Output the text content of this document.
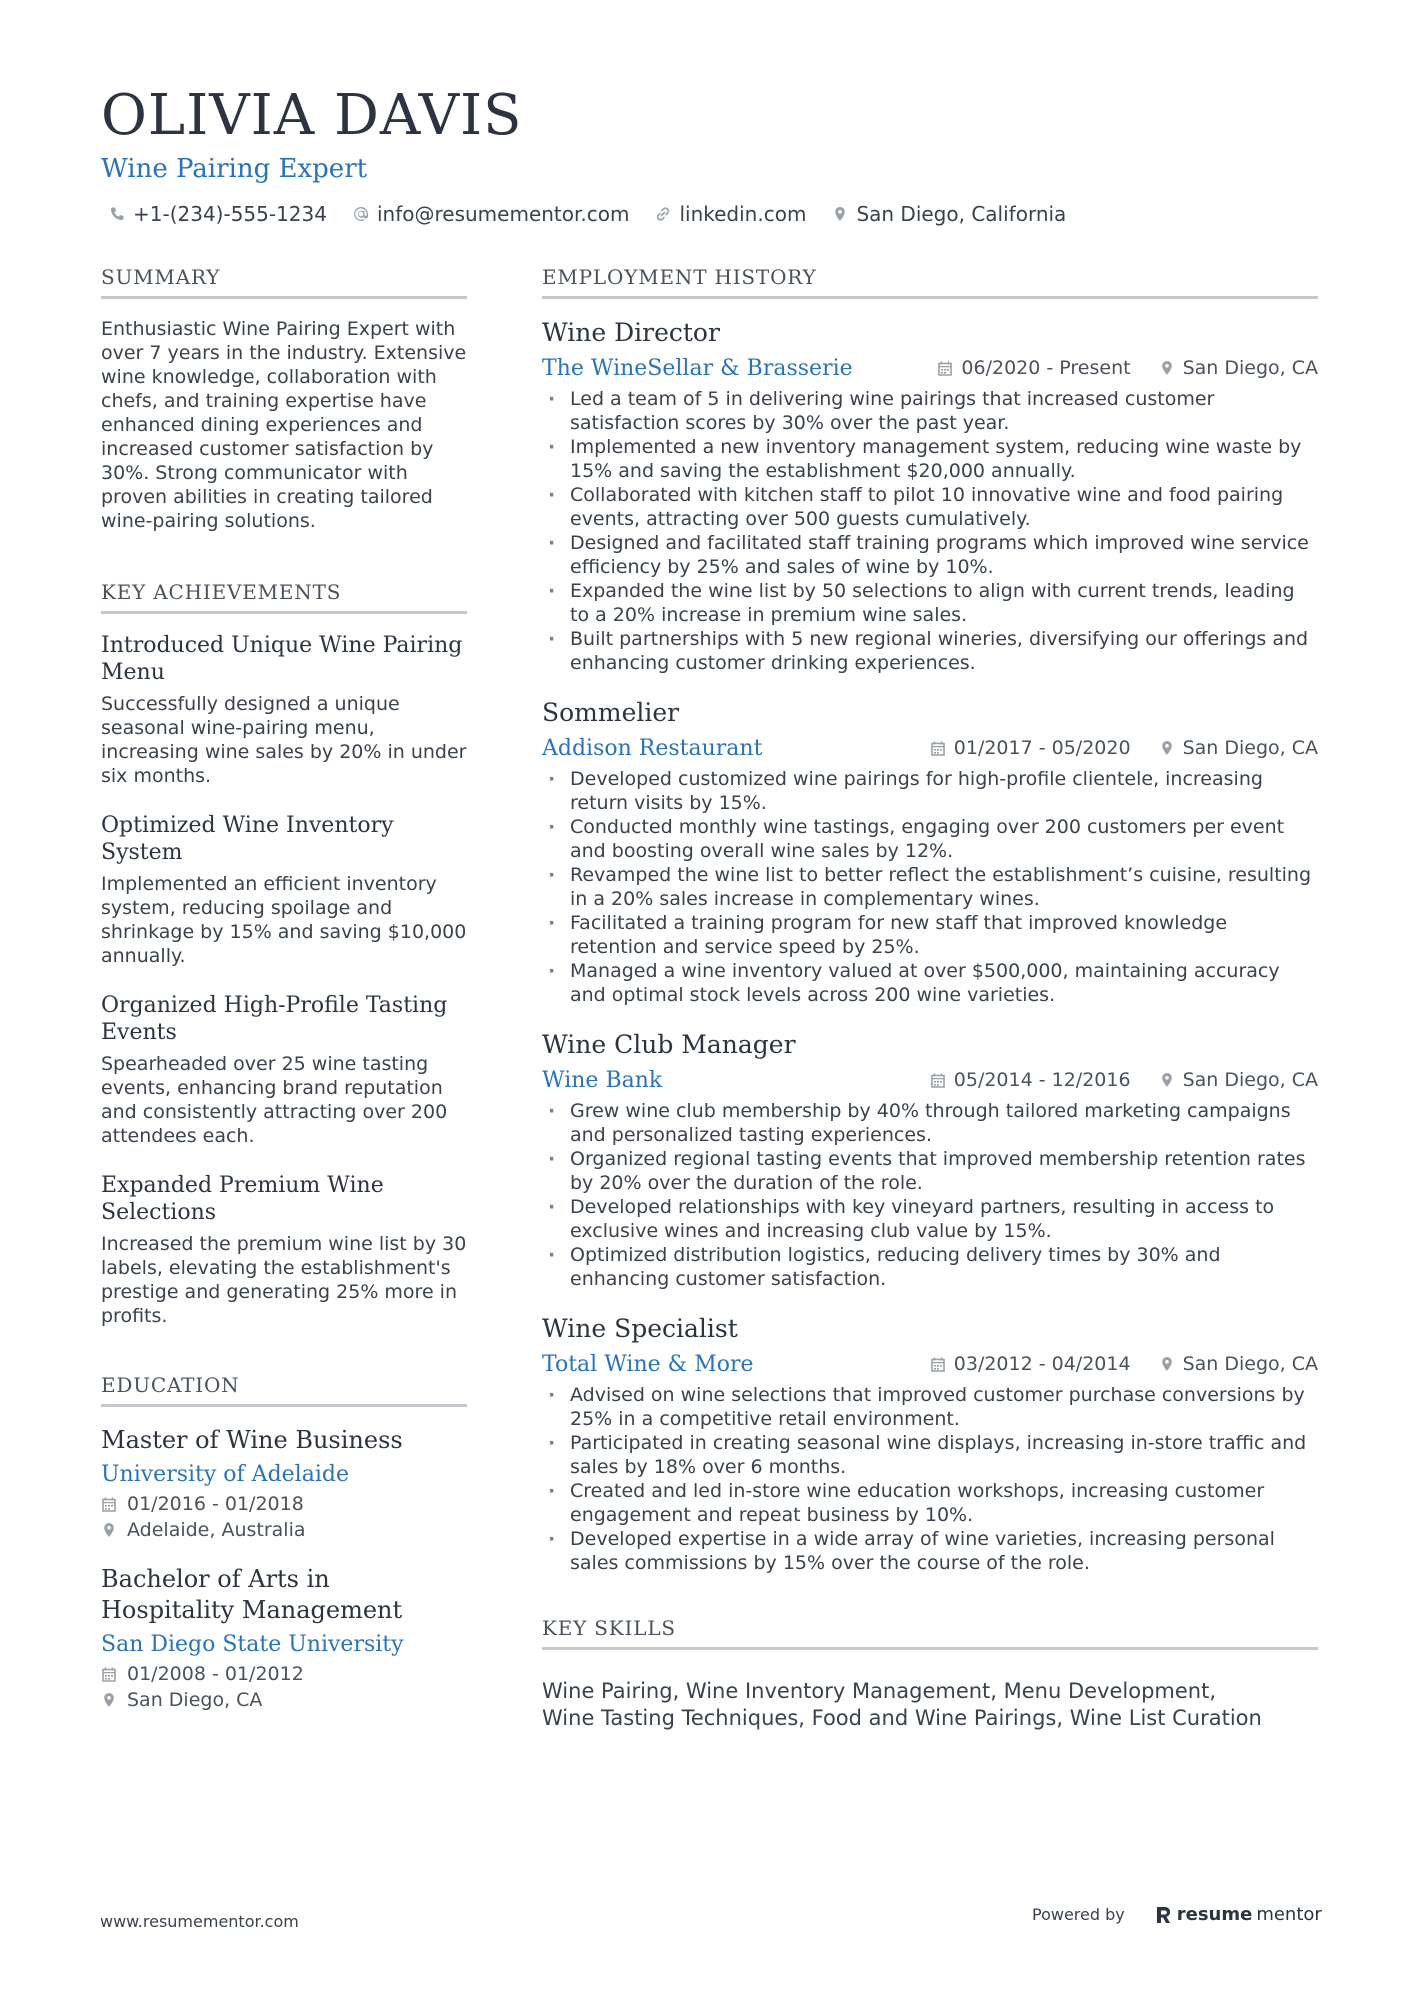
OLIVIA DAVIS
Wine Pairing Expert
+1-(234)-555-1234	info@resumementor.com	linkedin.com	San Diego, California
SUMMARY

Enthusiastic Wine Pairing Expert with over 7 years in the industry. Extensive wine knowledge, collaboration with chefs, and training expertise have enhanced dining experiences and increased customer satisfaction by 30%. Strong communicator with proven abilities in creating tailored wine-pairing solutions.

KEY ACHIEVEMENTS
Introduced Unique Wine Pairing Menu
Successfully designed a unique seasonal wine-pairing menu, increasing wine sales by 20% in under six months.
Optimized Wine Inventory System
Implemented an efficient inventory system, reducing spoilage and shrinkage by 15% and saving $10,000 annually.
Organized High-Profile Tasting Events
Spearheaded over 25 wine tasting events, enhancing brand reputation and consistently attracting over 200 attendees each.
Expanded Premium Wine Selections
Increased the premium wine list by 30 labels, elevating the establishment's prestige and generating 25% more in profits.
EDUCATION
Master of Wine Business
University of Adelaide
01/2016 - 01/2018
Adelaide, Australia
Bachelor of Arts in Hospitality Management
San Diego State University
01/2008 - 01/2012
San Diego, CA
EMPLOYMENT HISTORY
Wine Director
The WineSellar & Brasserie	06/2020 - Present	San Diego, CA
· Led a team of 5 in delivering wine pairings that increased customer satisfaction scores by 30% over the past year.
· Implemented a new inventory management system, reducing wine waste by 15% and saving the establishment $20,000 annually.
· Collaborated with kitchen staff to pilot 10 innovative wine and food pairing events, attracting over 500 guests cumulatively.
· Designed and facilitated staff training programs which improved wine service efficiency by 25% and sales of wine by 10%.
· Expanded the wine list by 50 selections to align with current trends, leading to a 20% increase in premium wine sales.
· Built partnerships with 5 new regional wineries, diversifying our offerings and enhancing customer drinking experiences.
Sommelier
Addison Restaurant	01/2017 - 05/2020	San Diego, CA
· Developed customized wine pairings for high-profile clientele, increasing return visits by 15%.
· Conducted monthly wine tastings, engaging over 200 customers per event and boosting overall wine sales by 12%.
· Revamped the wine list to better reflect the establishment’s cuisine, resulting in a 20% sales increase in complementary wines.
· Facilitated a training program for new staff that improved knowledge retention and service speed by 25%.
· Managed a wine inventory valued at over $500,000, maintaining accuracy and optimal stock levels across 200 wine varieties.
Wine Club Manager
Wine Bank	05/2014 - 12/2016	San Diego, CA
· Grew wine club membership by 40% through tailored marketing campaigns and personalized tasting experiences.
· Organized regional tasting events that improved membership retention rates by 20% over the duration of the role.
· Developed relationships with key vineyard partners, resulting in access to exclusive wines and increasing club value by 15%.
· Optimized distribution logistics, reducing delivery times by 30% and enhancing customer satisfaction.
Wine Specialist
Total Wine & More	03/2012 - 04/2014	San Diego, CA
· Advised on wine selections that improved customer purchase conversions by 25% in a competitive retail environment.
· Participated in creating seasonal wine displays, increasing in-store traffic and sales by 18% over 6 months.
· Created and led in-store wine education workshops, increasing customer engagement and repeat business by 10%.
· Developed expertise in a wide array of wine varieties, increasing personal sales commissions by 15% over the course of the role.
KEY SKILLS
Wine Pairing, Wine Inventory Management, Menu Development, Wine Tasting Techniques, Food and Wine Pairings, Wine List Curation
www.resumementor.com	Powered by	resume mentor
